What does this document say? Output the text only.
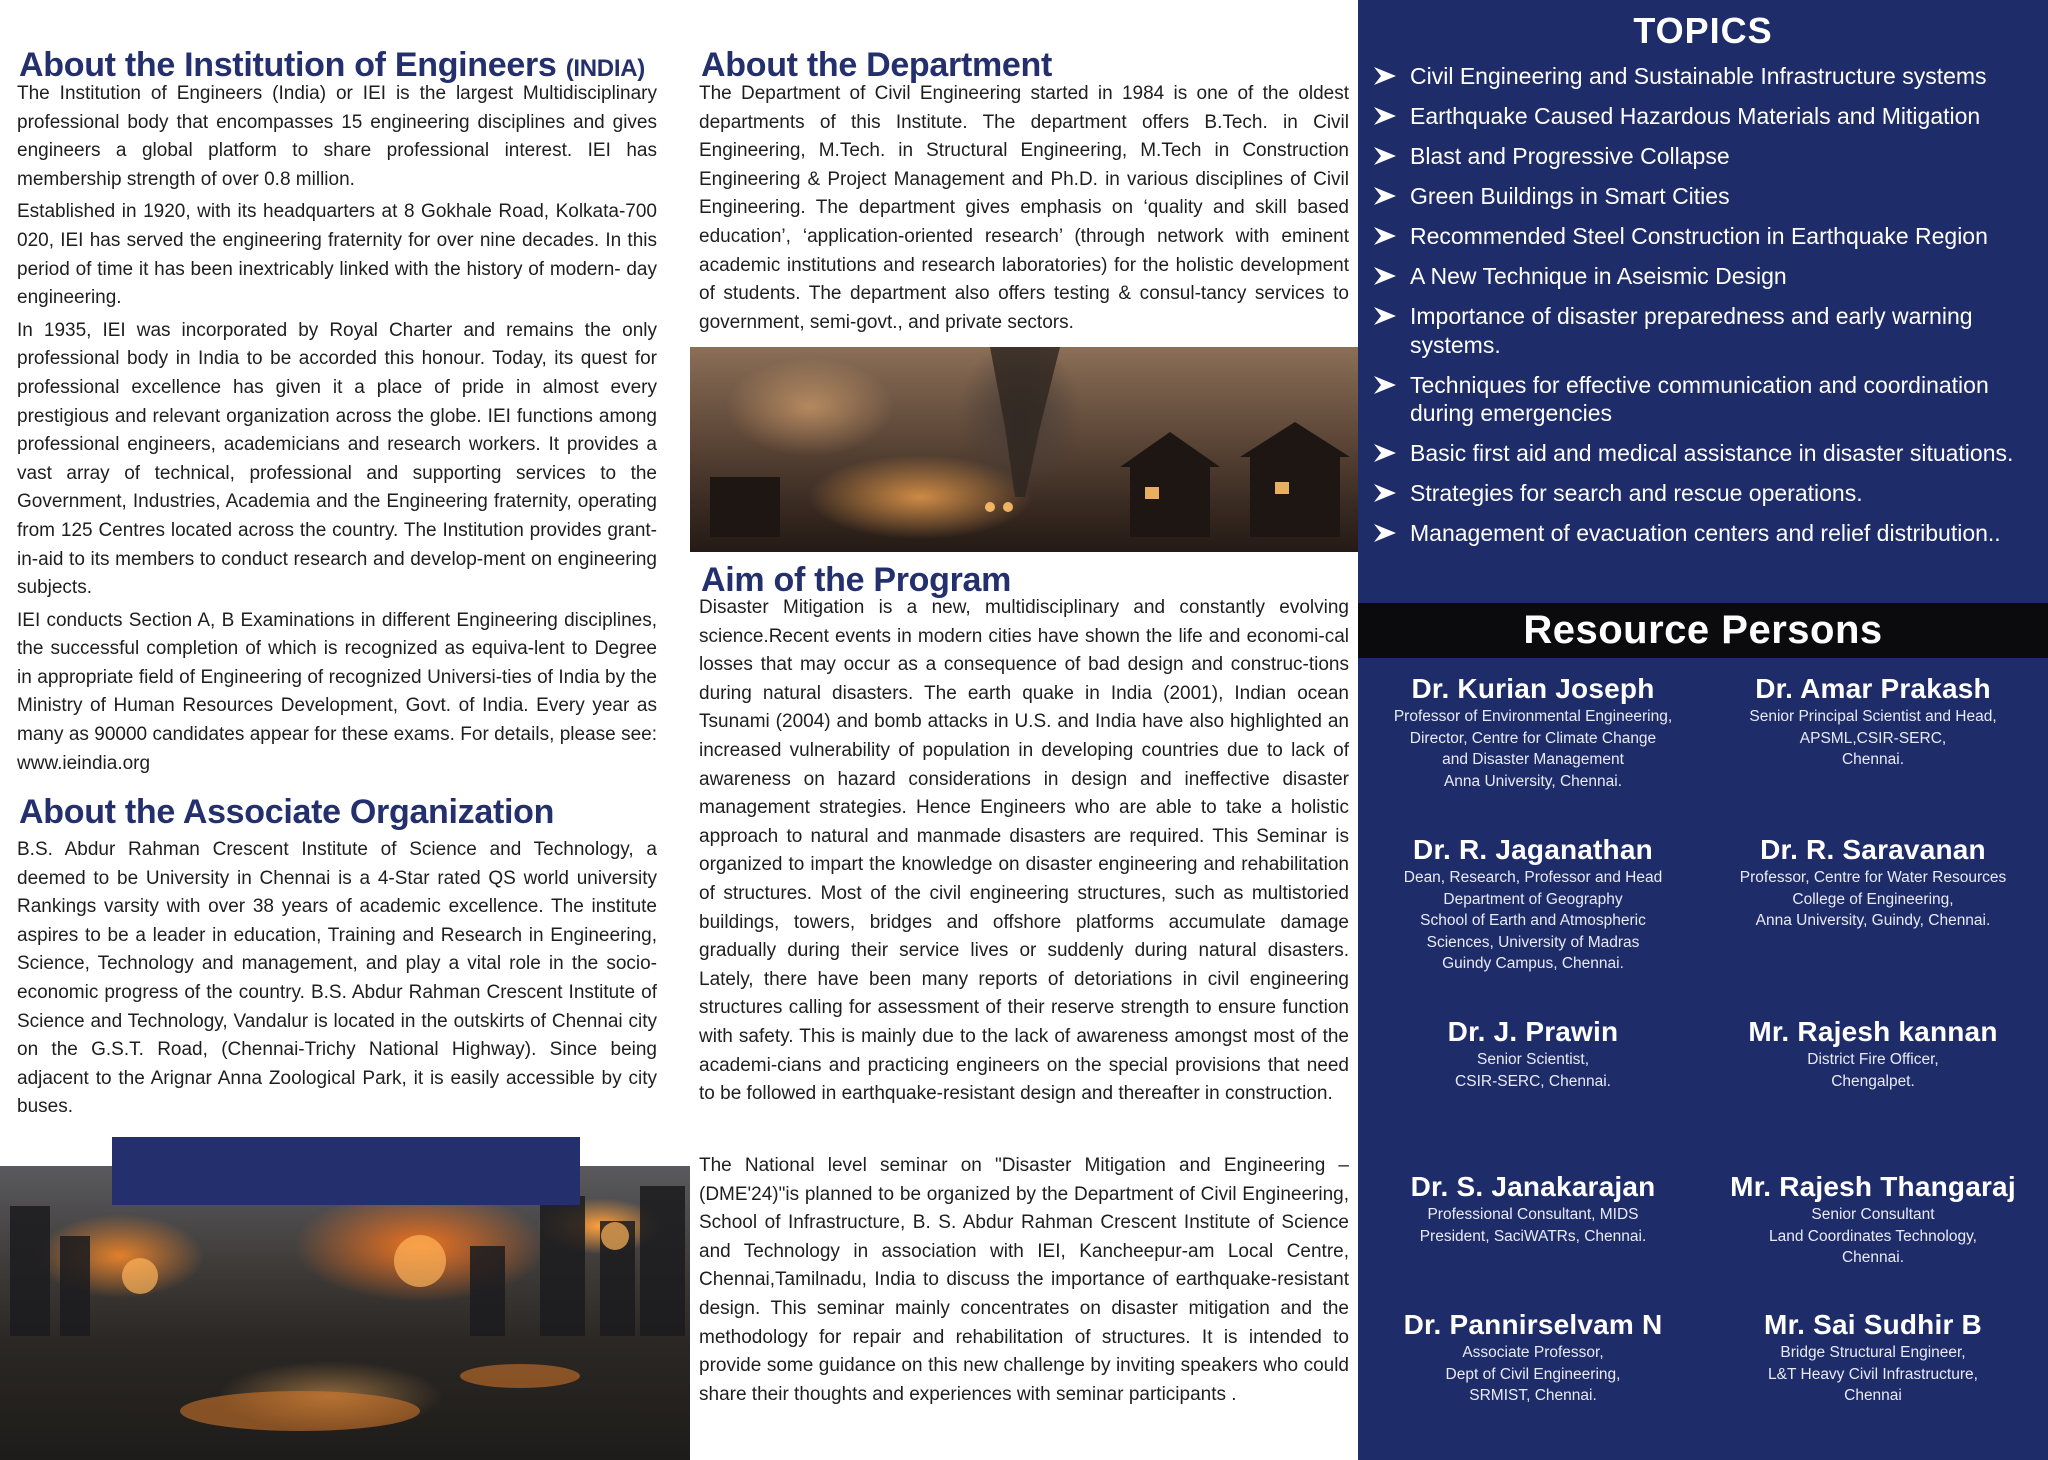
About the Institution of Engineers (INDIA)

The Institution of Engineers (India) or IEI is the largest Multidisciplinary professional body that encompasses 15 engineering disciplines and gives engineers a global platform to share professional interest. IEI has membership strength of over 0.8 million.

Established in 1920, with its headquarters at 8 Gokhale Road, Kolkata-700 020, IEI has served the engineering fraternity for over nine decades. In this period of time it has been inextricably linked with the history of modern- day engineering.

In 1935, IEI was incorporated by Royal Charter and remains the only professional body in India to be accorded this honour. Today, its quest for professional excellence has given it a place of pride in almost every prestigious and relevant organization across the globe. IEI functions among professional engineers, academicians and research workers. It provides a vast array of technical, professional and supporting services to the Government, Industries, Academia and the Engineering fraternity, operating from 125 Centres located across the country. The Institution provides grant-in-aid to its members to conduct research and develop-ment on engineering subjects.

IEI conducts Section A, B Examinations in different Engineering disciplines, the successful completion of which is recognized as equiva-lent to Degree in appropriate field of Engineering of recognized Universi-ties of India by the Ministry of Human Resources Development, Govt. of India. Every year as many as 90000 candidates appear for these exams. For details, please see: www.ieindia.org

About the Associate Organization

B.S. Abdur Rahman Crescent Institute of Science and Technology, a deemed to be University in Chennai is a 4-Star rated QS world university Rankings varsity with over 38 years of academic excellence. The institute aspires to be a leader in education, Training and Research in Engineering, Science, Technology and management, and play a vital role in the socio-economic progress of the country. B.S. Abdur Rahman Crescent Institute of Science and Technology, Vandalur is located in the outskirts of Chennai city on the G.S.T. Road, (Chennai-Trichy National Highway). Since being adjacent to the Arignar Anna Zoological Park, it is easily accessible by city buses.

About the Department

The Department of Civil Engineering started in 1984 is one of the oldest departments of this Institute. The department offers B.Tech. in Civil Engineering, M.Tech. in Structural Engineering, M.Tech in Construction Engineering & Project Management and Ph.D. in various disciplines of Civil Engineering. The department gives emphasis on ‘quality and skill based education’, ‘application-oriented research’ (through network with eminent academic institutions and research laboratories) for the holistic development of students. The department also offers testing & consul-tancy services to government, semi-govt., and private sectors.

Aim of the Program

Disaster Mitigation is a new, multidisciplinary and constantly evolving science.Recent events in modern cities have shown the life and economi-cal losses that may occur as a consequence of bad design and construc-tions during natural disasters. The earth quake in India (2001), Indian ocean Tsunami (2004) and bomb attacks in U.S. and India have also highlighted an increased vulnerability of population in developing countries due to lack of awareness on hazard considerations in design and ineffective disaster management strategies. Hence Engineers who are able to take a holistic approach to natural and manmade disasters are required. This Seminar is organized to impart the knowledge on disaster engineering and rehabilitation of structures. Most of the civil engineering structures, such as multistoried buildings, towers, bridges and offshore platforms accumulate damage gradually during their service lives or suddenly during natural disasters. Lately, there have been many reports of detoriations in civil engineering structures calling for assessment of their reserve strength to ensure function with safety. This is mainly due to the lack of awareness amongst most of the academi-cians and practicing engineers on the special provisions that need to be followed in earthquake-resistant design and thereafter in construction.

The National level seminar on "Disaster Mitigation and Engineering – (DME'24)"is planned to be organized by the Department of Civil Engineering, School of Infrastructure, B. S. Abdur Rahman Crescent Institute of Science and Technology in association with IEI, Kancheepur-am Local Centre, Chennai,Tamilnadu, India to discuss the importance of earthquake-resistant design. This seminar mainly concentrates on disaster mitigation and the methodology for repair and rehabilitation of structures. It is intended to provide some guidance on this new challenge by inviting speakers who could share their thoughts and experiences with seminar participants .

TOPICS
Civil Engineering and Sustainable Infrastructure systems
Earthquake Caused Hazardous Materials and Mitigation
Blast and Progressive Collapse
Green Buildings in Smart Cities
Recommended Steel Construction in Earthquake Region
A New Technique in Aseismic Design
Importance of disaster preparedness and early warning systems.
Techniques for effective communication and coordination during emergencies
Basic first aid and medical assistance in disaster situations.
Strategies for search and rescue operations.
Management of evacuation centers and relief distribution..
Resource Persons
Dr. Kurian Joseph
Professor of Environmental Engineering,
Director, Centre for Climate Change
and Disaster Management
Anna University, Chennai.
Dr. Amar Prakash
Senior Principal Scientist and Head,
APSML,CSIR-SERC,
Chennai.
Dr. R. Jaganathan
Dean, Research, Professor and Head
Department of Geography
School of Earth and Atmospheric
Sciences, University of Madras
Guindy Campus, Chennai.
Dr. R. Saravanan
Professor, Centre for Water Resources
College of Engineering,
Anna University, Guindy, Chennai.
Dr. J. Prawin
Senior Scientist,
CSIR-SERC, Chennai.
Mr. Rajesh kannan
District Fire Officer,
Chengalpet.
Dr. S. Janakarajan
Professional Consultant, MIDS
President, SaciWATRs, Chennai.
Mr. Rajesh Thangaraj
Senior Consultant
Land Coordinates Technology,
Chennai.
Dr. Pannirselvam N
Associate Professor,
Dept of Civil Engineering,
SRMIST, Chennai.
Mr. Sai Sudhir B
Bridge Structural Engineer,
L&T Heavy Civil Infrastructure,
Chennai
